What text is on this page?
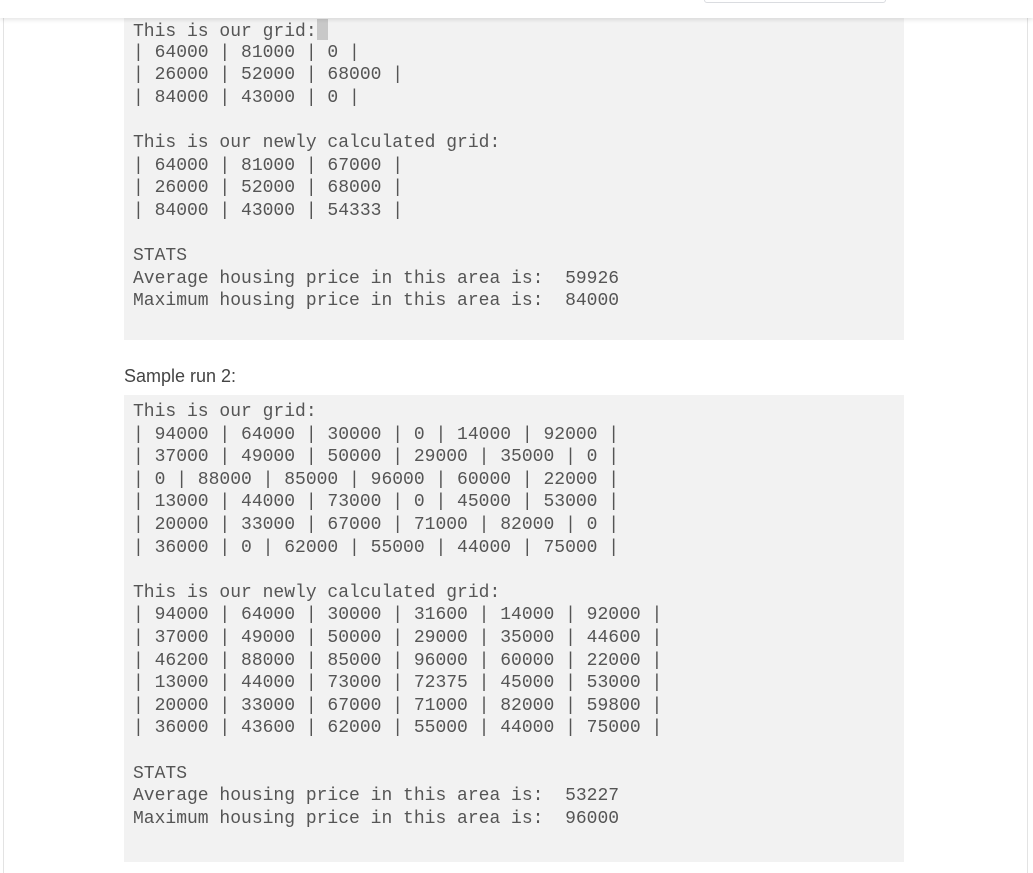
This is our grid:
| 64000 | 81000 | 0 |
| 26000 | 52000 | 68000 |
| 84000 | 43000 | 0 |
This is our newly calculated grid:
| 64000 | 81000 | 67000 |
| 26000 | 52000 | 68000 |
| 84000 | 43000 | 54333 |
STATS
Average housing price in this area is:  59926
Maximum housing price in this area is:  84000

Sample run 2:

This is our grid:
| 94000 | 64000 | 30000 | 0 | 14000 | 92000 |
| 37000 | 49000 | 50000 | 29000 | 35000 | 0 |
| 0 | 88000 | 85000 | 96000 | 60000 | 22000 |
| 13000 | 44000 | 73000 | 0 | 45000 | 53000 |
| 20000 | 33000 | 67000 | 71000 | 82000 | 0 |
| 36000 | 0 | 62000 | 55000 | 44000 | 75000 |
This is our newly calculated grid:
| 94000 | 64000 | 30000 | 31600 | 14000 | 92000 |
| 37000 | 49000 | 50000 | 29000 | 35000 | 44600 |
| 46200 | 88000 | 85000 | 96000 | 60000 | 22000 |
| 13000 | 44000 | 73000 | 72375 | 45000 | 53000 |
| 20000 | 33000 | 67000 | 71000 | 82000 | 59800 |
| 36000 | 43600 | 62000 | 55000 | 44000 | 75000 |
STATS
Average housing price in this area is:  53227
Maximum housing price in this area is:  96000
